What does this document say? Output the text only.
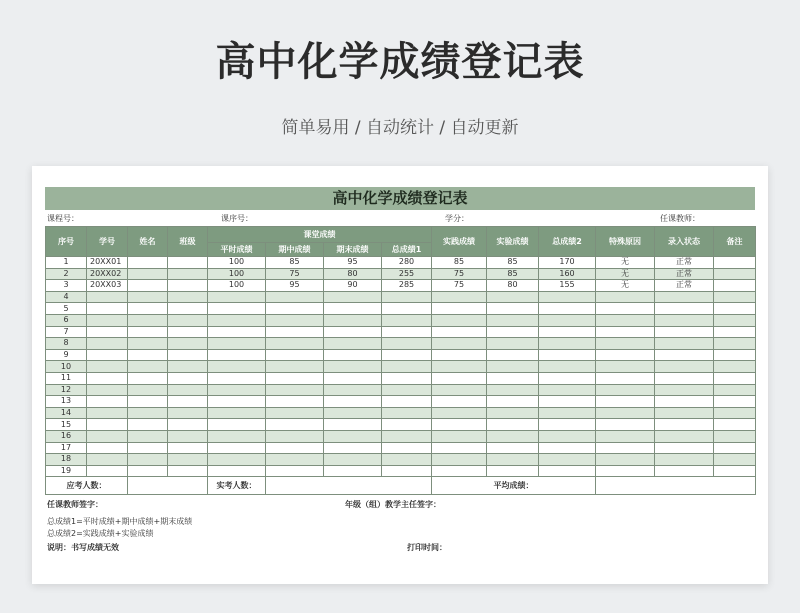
高中化学成绩登记表
简单易用 / 自动统计 / 自动更新
高中化学成绩登记表
课程号：	课序号：	学分：	任课教师：
序号	学号	姓名	班级	课堂成绩				实践成绩	实验成绩	总成绩2	特殊原因	录入状态	备注
				平时成绩	期中成绩	期末成绩	总成绩1						
1	20XX01			100	85	95	280	85	85	170	无	正常	
2	20XX02			100	75	80	255	75	85	160	无	正常	
3	20XX03			100	95	90	285	75	80	155	无	正常	
4													
5													
6													
7													
8													
9													
10													
11													
12													
13													
14													
15													
16													
17													
18													
19													
应考人数：				实考人数：				平均成绩：					
任课教师签字：	年级（组）教学主任签字：
总成绩1=平时成绩+期中成绩+期末成绩
总成绩2=实践成绩+实验成绩
说明：书写成绩无效	打印时间：
